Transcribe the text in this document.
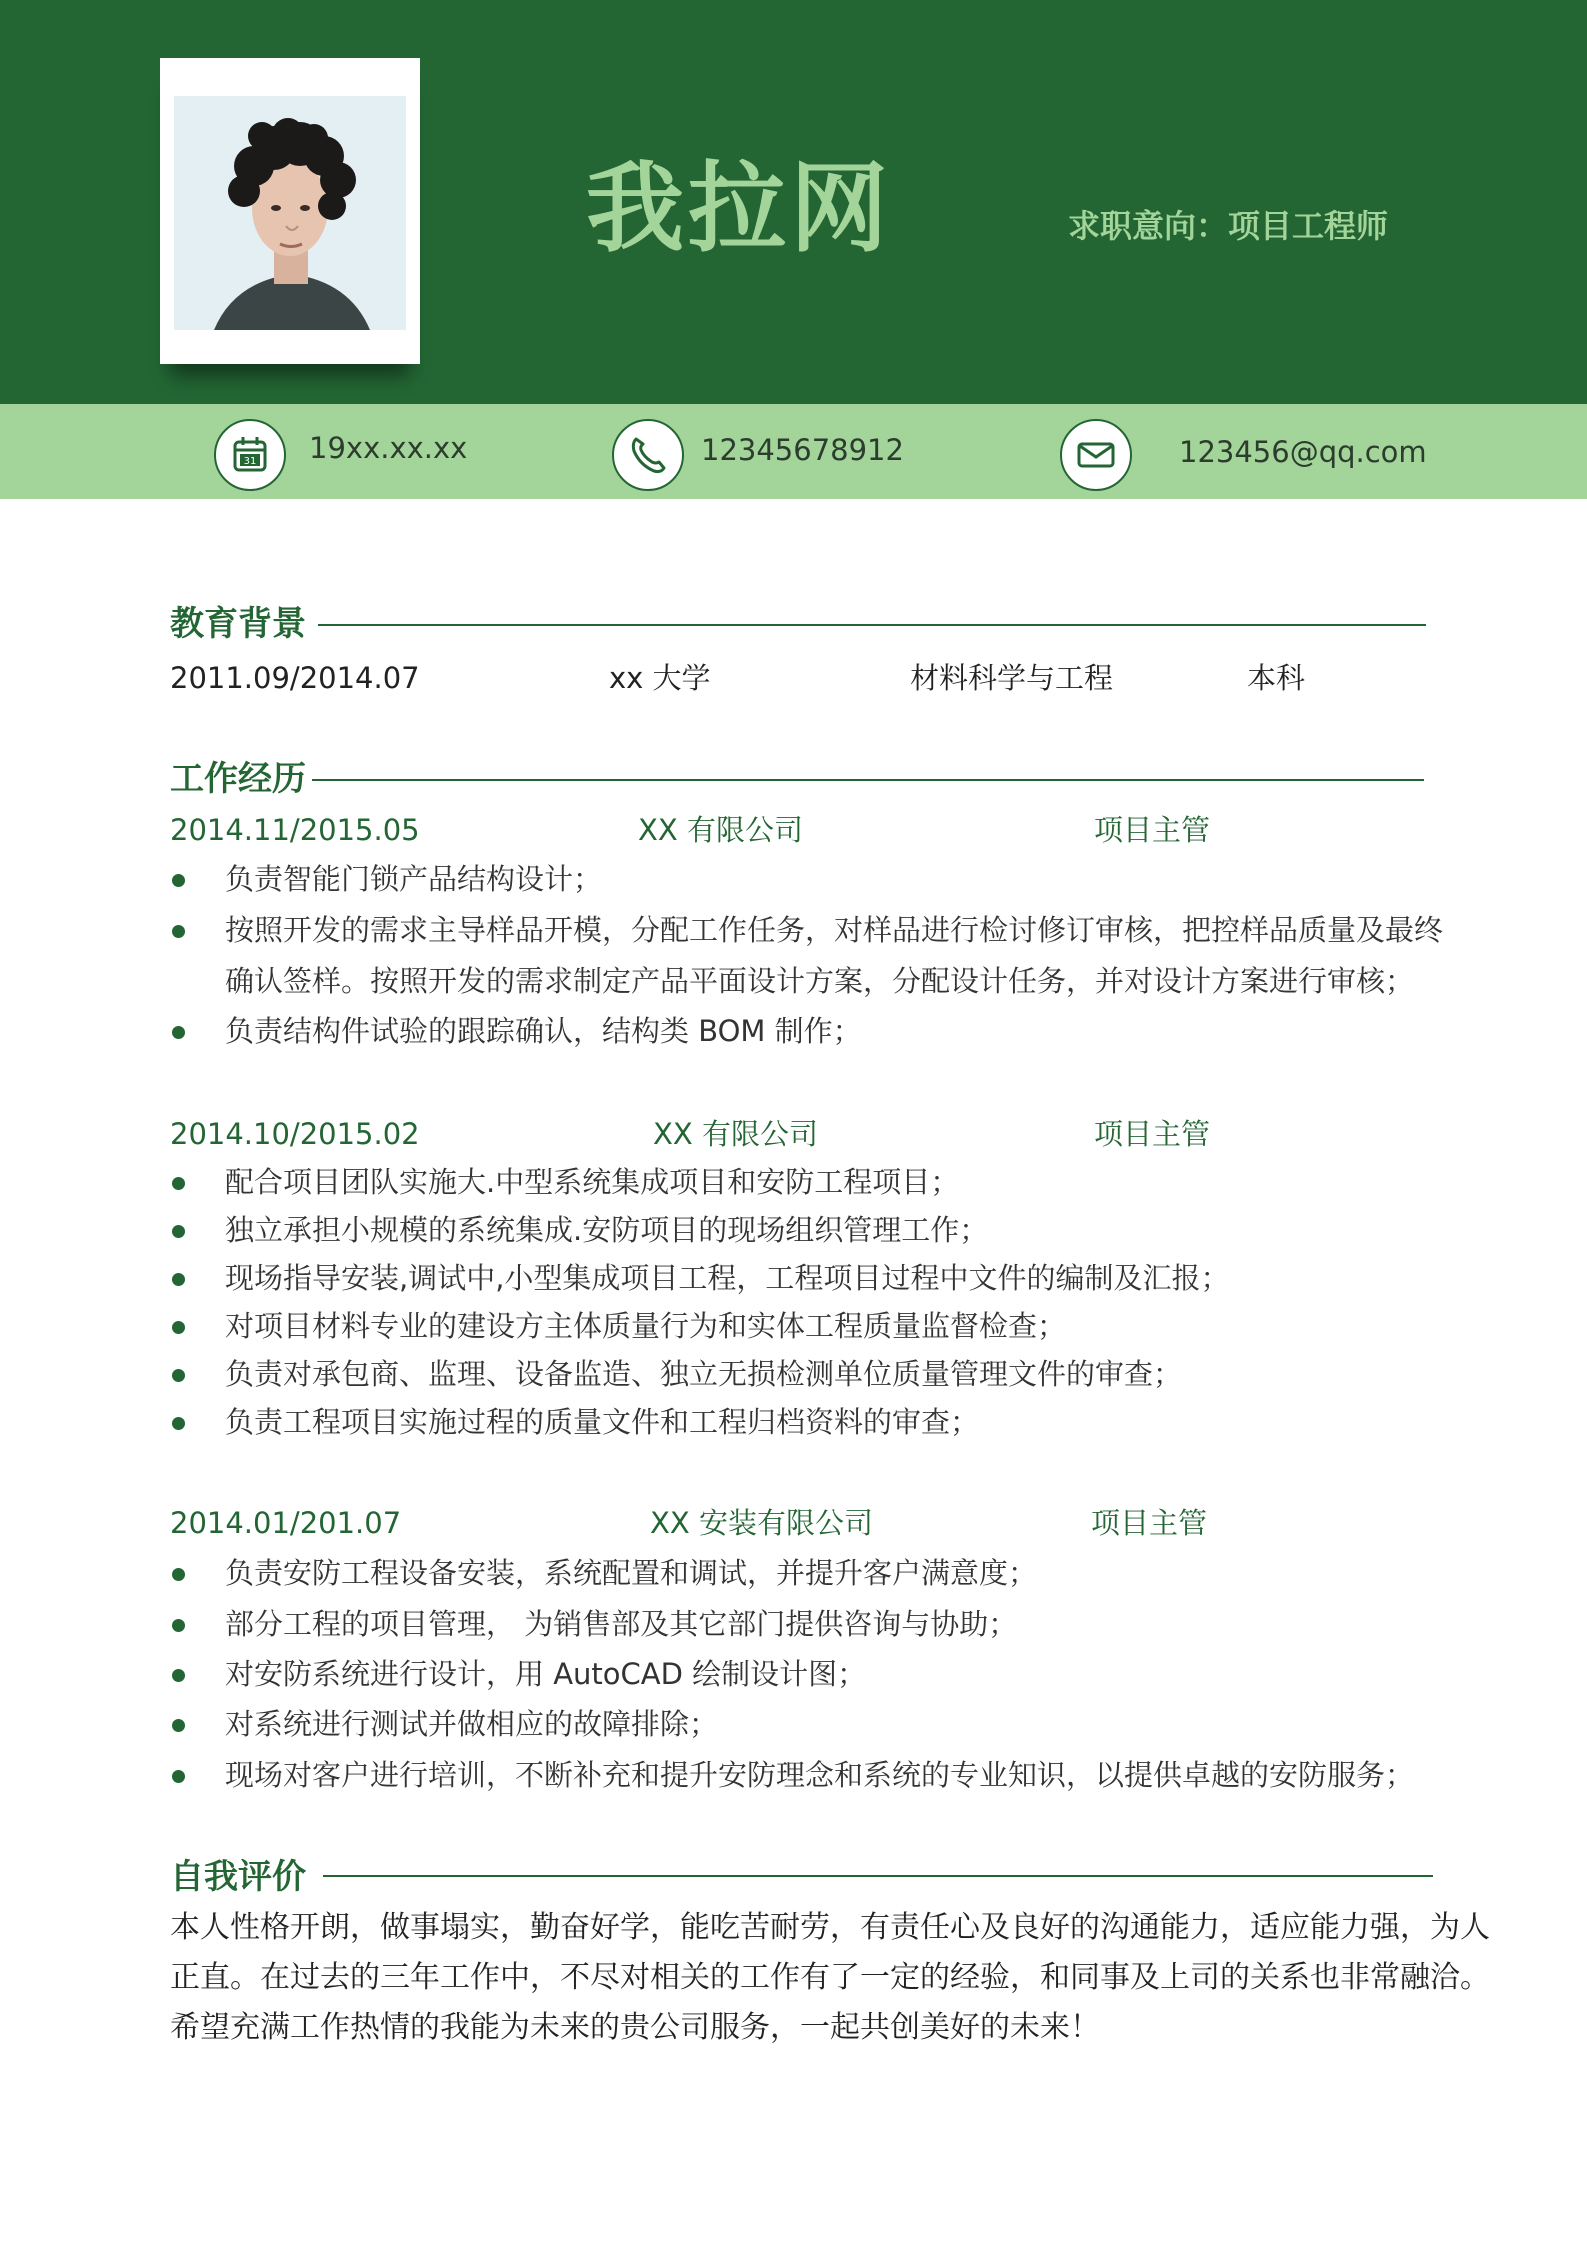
我拉网	求职意向：项目工程师
31 19xx.xx.xx	12345678912	123456@qq.com
教育背景
2011.09/2014.07	xx 大学	材料科学与工程	本科
工作经历
2014.11/2015.05	XX 有限公司	项目主管
负责智能门锁产品结构设计；
按照开发的需求主导样品开模，分配工作任务，对样品进行检讨修订审核，把控样品质量及最终
确认签样。按照开发的需求制定产品平面设计方案，分配设计任务，并对设计方案进行审核；
负责结构件试验的跟踪确认，结构类 BOM 制作；
2014.10/2015.02	XX 有限公司	项目主管
配合项目团队实施大.中型系统集成项目和安防工程项目；
独立承担小规模的系统集成.安防项目的现场组织管理工作；
现场指导安装,调试中,小型集成项目工程，工程项目过程中文件的编制及汇报；
对项目材料专业的建设方主体质量行为和实体工程质量监督检查；
负责对承包商、监理、设备监造、独立无损检测单位质量管理文件的审查；
负责工程项目实施过程的质量文件和工程归档资料的审查；
2014.01/201.07	XX 安装有限公司	项目主管
负责安防工程设备安装，系统配置和调试，并提升客户满意度；
部分工程的项目管理， 为销售部及其它部门提供咨询与协助；
对安防系统进行设计，用 AutoCAD 绘制设计图；
对系统进行测试并做相应的故障排除；
现场对客户进行培训，不断补充和提升安防理念和系统的专业知识，以提供卓越的安防服务；
自我评价
本人性格开朗，做事塌实，勤奋好学，能吃苦耐劳，有责任心及良好的沟通能力，适应能力强，为人
正直。在过去的三年工作中，不尽对相关的工作有了一定的经验，和同事及上司的关系也非常融洽。
希望充满工作热情的我能为未来的贵公司服务，一起共创美好的未来！
